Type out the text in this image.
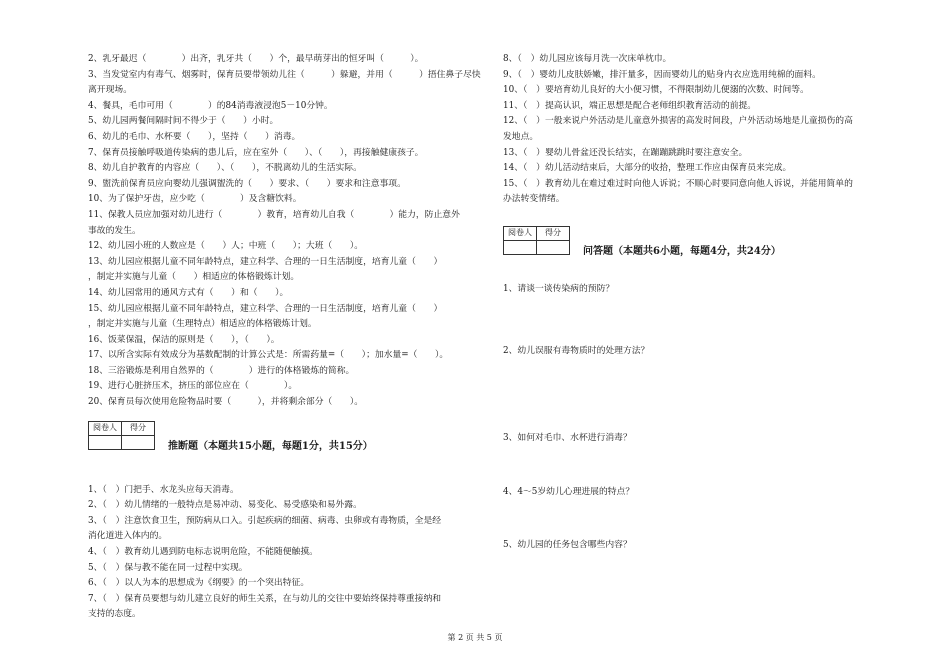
2、乳牙最迟（　　　　）出齐，乳牙共（　　）个，最早萌芽出的恒牙叫（　　　）。
3、当发觉室内有毒气、烟雾时，保育员要带领幼儿往（　　　）躲避，并用（　　　）捂住鼻子尽快
离开现场。
4、餐具，毛巾可用（　　　　）的84消毒液浸泡5－10分钟。
5、幼儿园两餐间隔时间不得少于（　　）小时。
6、幼儿的毛巾、水杯要（　　），坚持（　　）消毒。
7、保育员接触呼吸道传染病的患儿后，应在室外（　　）、（　　），再接触健康孩子。
8、幼儿自护教育的内容应（　　）、（　　），不脱离幼儿的生活实际。
9、盥洗前保育员应向婴幼儿强调盥洗的（　　）要求、（　　）要求和注意事项。
10、为了保护牙齿，应少吃（　　　　）及含糖饮料。
11、保教人员应加强对幼儿进行（　　　　）教育，培育幼儿自我（　　　　）能力，防止意外
事故的发生。
12、幼儿园小班的人数应是（　　）人；中班（　　）；大班（　　）。
13、幼儿园应根据儿童不同年龄特点，建立科学、合理的一日生活制度，培育儿童（　　）
，制定并实施与儿童（　　）相适应的体格锻炼计划。
14、幼儿园常用的通风方式有（　　）和（　　）。
15、幼儿园应根据儿童不同年龄特点，建立科学、合理的一日生活制度，培育儿童（　　）
，制定并实施与儿童（生理特点）相适应的体格锻炼计划。
16、饭菜保温，保洁的原则是（　　），（　　）。
17、以所含实际有效成分为基数配制的计算公式是：所需药量=（　　）；加水量=（　　）。
18、三浴锻炼是利用自然界的（　　　　）进行的体格锻炼的简称。
19、进行心脏挤压术，挤压的部位应在（　　　　）。
20、保育员每次使用危险物品时要（　　　），并将剩余部分（　　）。
阅卷人	得分

推断题（本题共15小题，每题1分，共15分）
1、（　）门把手、水龙头应每天消毒。
2、（　）幼儿情绪的一般特点是易冲动、易变化、易受感染和易外露。
3、（　）注意饮食卫生，预防病从口入。引起疾病的细菌、病毒、虫卵或有毒物质，全是经
消化道进入体内的。
4、（　）教育幼儿遇到防电标志说明危险，不能随便触摸。
5、（　）保与教不能在同一过程中实现。
6、（　）以人为本的思想成为《纲要》的一个突出特征。
7、（　）保育员要想与幼儿建立良好的师生关系，在与幼儿的交往中要始终保持尊重接纳和
支持的态度。
8、（　）幼儿园应该每月洗一次床单枕巾。
9、（　）婴幼儿皮肤娇嫩，排汗量多，因而婴幼儿的贴身内衣应选用纯棉的面料。
10、（　）要培育幼儿良好的大小便习惯，不得限制幼儿便溺的次数、时间等。
11、（　）提高认识，端正思想是配合老师组织教育活动的前提。
12、（　）一般来说户外活动是儿童意外损害的高发时间段，户外活动场地是儿童损伤的高
发地点。
13、（　）婴幼儿骨盆还没长结实，在蹦蹦跳跳时要注意安全。
14、（　）幼儿活动结束后，大部分的收拾，整理工作应由保育员来完成。
15、（　）教育幼儿在难过难过时向他人诉说；不顺心时要同意向他人诉说，并能用简单的
办法转变情绪。
阅卷人	得分

问答题（本题共6小题，每题4分，共24分）
1、请谈一谈传染病的预防？
2、幼儿误服有毒物质时的处理方法？
3、如何对毛巾、水杯进行消毒？
4、4～5岁幼儿心理进展的特点？
5、幼儿园的任务包含哪些内容？
第 2 页 共 5 页
